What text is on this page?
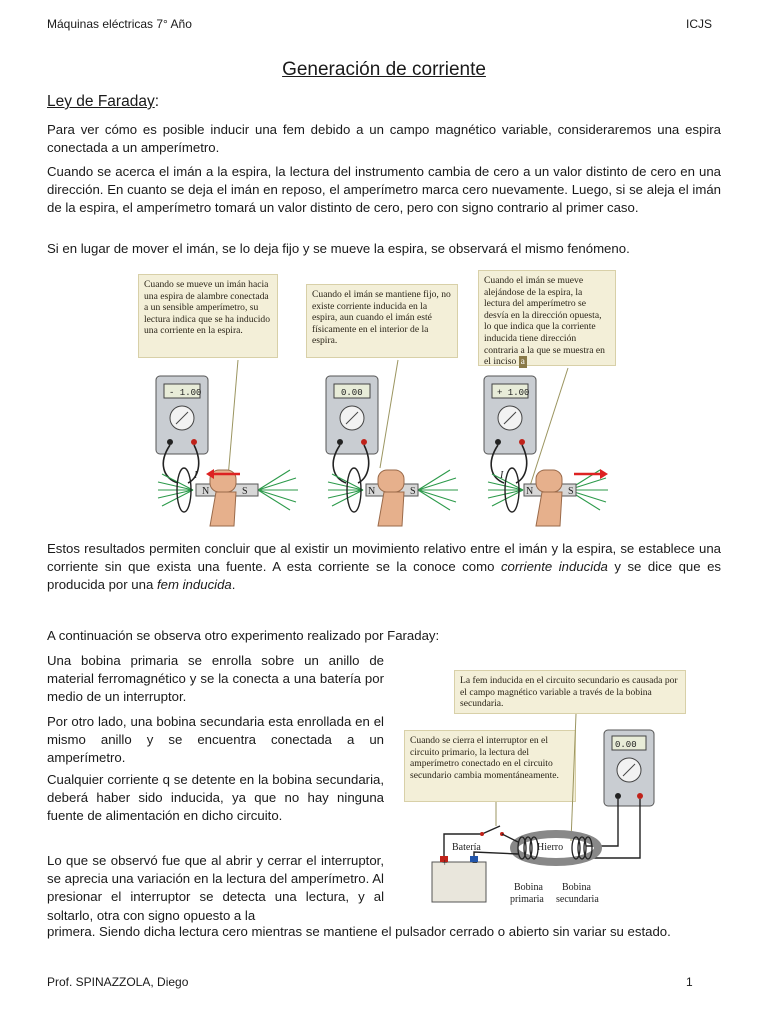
Máquinas eléctricas 7° Año	ICJS
Generación de corriente
Ley de Faraday:

Para ver cómo es posible inducir una fem debido a un campo magnético variable, consideraremos una espira conectada a un amperímetro.

Cuando se acerca el imán a la espira, la lectura del instrumento cambia de cero a un valor distinto de cero en una dirección. En cuanto se deja el imán en reposo, el amperímetro marca cero nuevamente. Luego, si se aleja el imán de la espira, el amperímetro tomará un valor distinto de cero, pero con signo contrario al primer caso.

Si en lugar de mover el imán, se lo deja fijo y se mueve la espira, se observará el mismo fenómeno.

Cuando se mueve un imán hacia una espira de alambre conectada a un sensible amperímetro, su lectura indica que se ha inducido una corriente en la espira.
Cuando el imán se mantiene fijo, no existe corriente inducida en la espira, aun cuando el imán esté físicamente en el interior de la espira.
Cuando el imán se mueve alejándose de la espira, la lectura del amperímetro se desvía en la dirección opuesta, lo que indica que la corriente inducida tiene dirección contraria a la que se muestra en el inciso a
- 1.00	0.00	+ 1.00
N	S	N	S	N	S
I	I

Estos resultados permiten concluir que al existir un movimiento relativo entre el imán y la espira, se establece una corriente sin que exista una fuente. A esta corriente se la conoce como corriente inducida y se dice que es producida por una fem inducida.

A continuación se observa otro experimento realizado por Faraday:

Una bobina primaria se enrolla sobre un anillo de material ferromagnético y se la conecta a una batería por medio de un interruptor.

Por otro lado, una bobina secundaria esta enrollada en el mismo anillo y se encuentra conectada a un amperímetro.

Cualquier corriente q se detente en la bobina secundaria, deberá haber sido inducida, ya que no hay ninguna fuente de alimentación en dicho circuito.

Lo que se observó fue que al abrir y cerrar el interruptor, se aprecia una variación en la lectura del amperímetro. Al presionar el interruptor se detecta una lectura, y al soltarlo, otra con signo opuesto a la

primera. Siendo dicha lectura cero mientras se mantiene el pulsador cerrado o abierto sin variar su estado.

La fem inducida en el circuito secundario es causada por el campo magnético variable a través de la bobina secundaria.
Cuando se cierra el interruptor en el circuito primario, la lectura del amperímetro conectado en el circuito secundario cambia momentáneamente.
Batería	Hierro
Bobina
primaria
Bobina
secundaria
+ −
0.00
Prof. SPINAZZOLA, Diego	1
